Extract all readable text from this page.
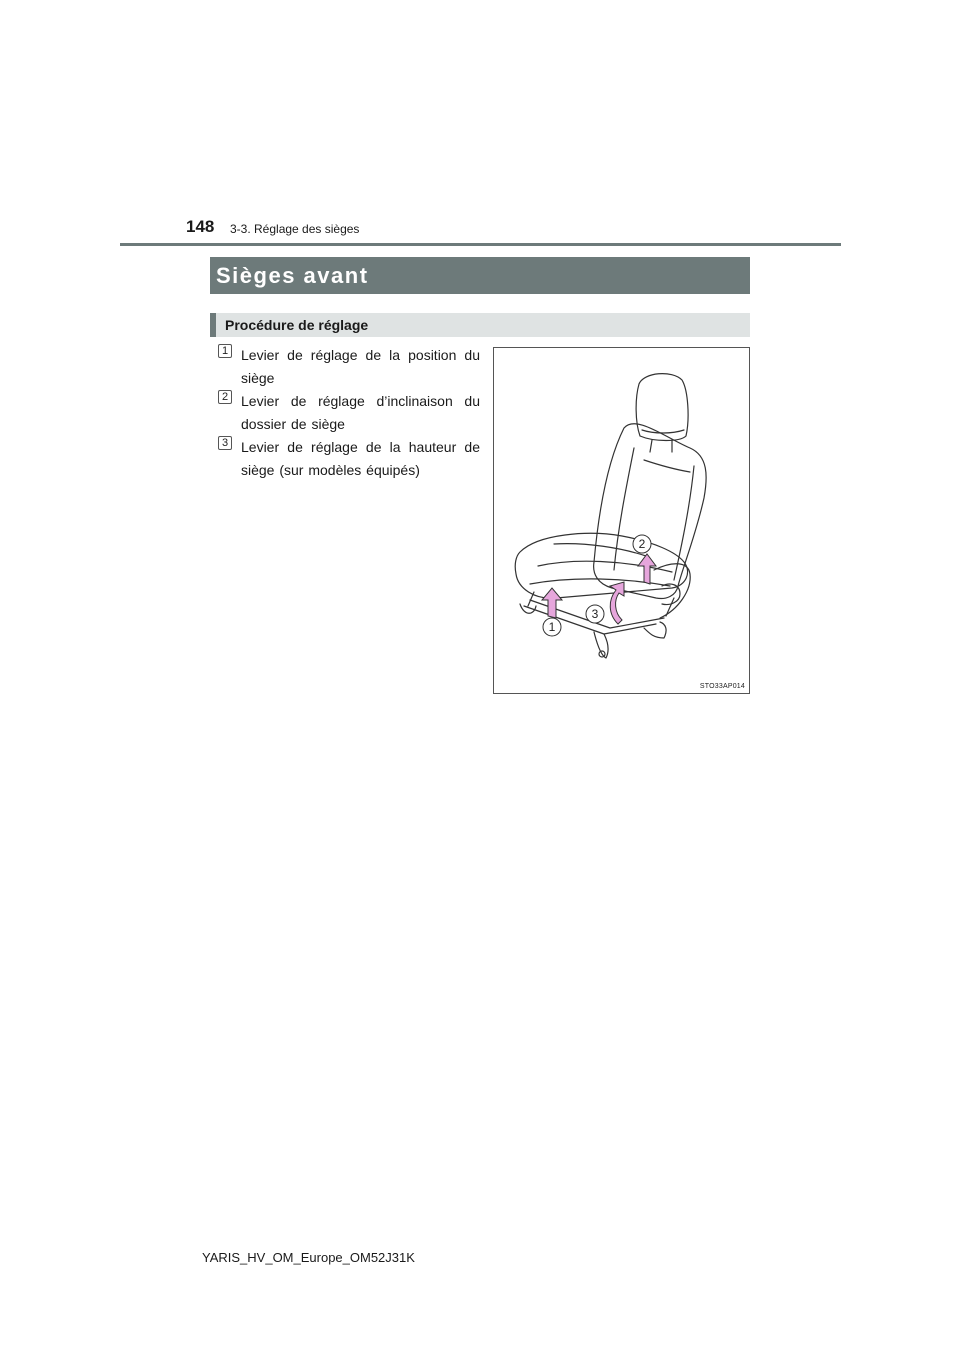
148 3-3. Réglage des sièges
Sièges avant
Procédure de réglage
1 Levier de réglage de la position du siège
2 Levier de réglage d’inclinaison du dossier de siège
3 Levier de réglage de la hauteur de siège (sur modèles équipés)
1
2
3
STO33AP014
YARIS_HV_OM_Europe_OM52J31K
